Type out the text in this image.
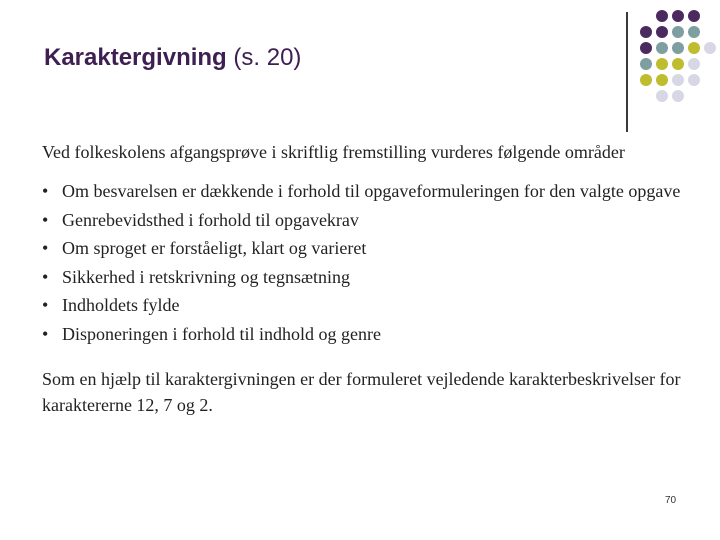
Karaktergivning (s. 20)

Ved folkeskolens afgangsprøve i skriftlig fremstilling vurderes følgende områder

• Om besvarelsen er dækkende i forhold til opgaveformuleringen for den valgte opgave
• Genrebevidsthed i forhold til opgavekrav
• Om sproget er forståeligt, klart og varieret
• Sikkerhed i retskrivning og tegnsætning
• Indholdets fylde
• Disponeringen i forhold til indhold og genre
Som en hjælp til karaktergivningen er der formuleret vejledende karakterbeskrivelser for karaktererne 12, 7 og 2.
70
